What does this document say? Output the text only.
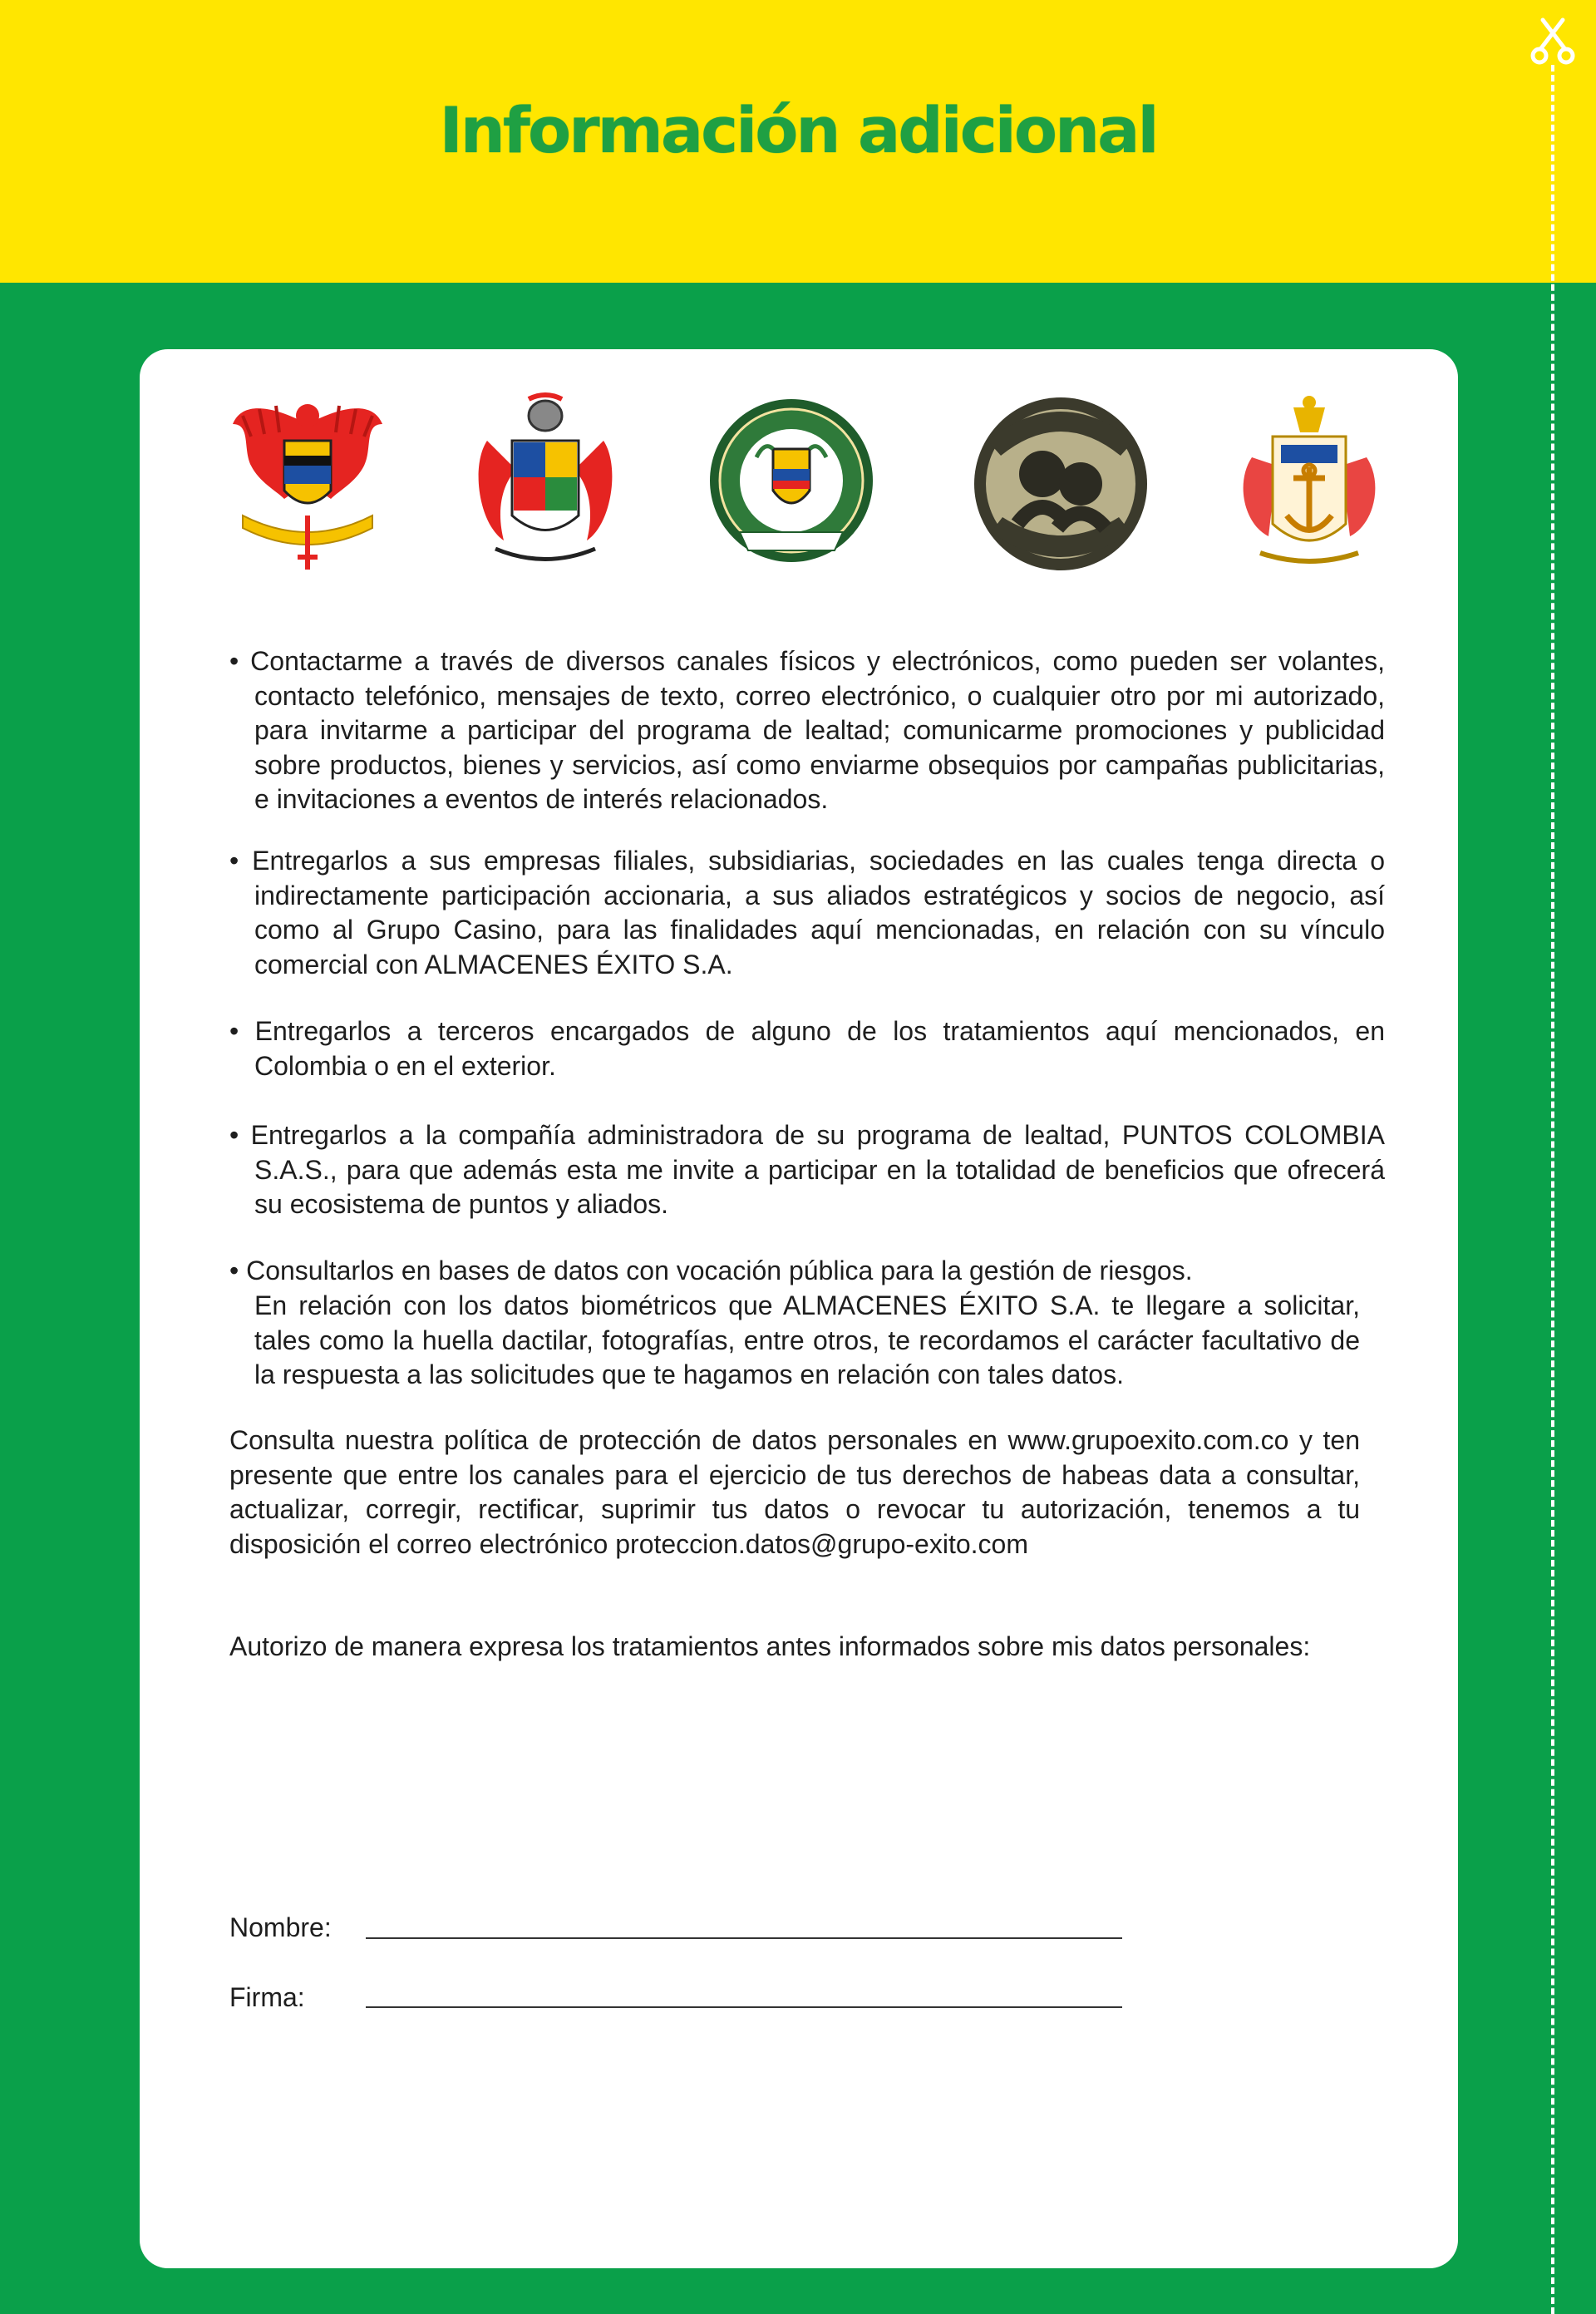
Información adicional
• Contactarme a través de diversos canales físicos y electrónicos, como pueden ser volantes, contacto telefónico, mensajes de texto, correo electrónico, o cualquier otro por mi autorizado, para invitarme a participar del programa de lealtad; comunicarme promociones y publicidad sobre productos, bienes y servicios, así como enviarme obsequios por campañas publicitarias, e invitaciones a eventos de interés relacionados.
• Entregarlos a sus empresas filiales, subsidiarias, sociedades en las cuales tenga directa o indirectamente participación accionaria, a sus aliados estratégicos y socios de negocio, así como al Grupo Casino, para las finalidades aquí mencionadas, en relación con su vínculo comercial con ALMACENES ÉXITO S.A.
• Entregarlos a terceros encargados de alguno de los tratamientos aquí mencionados, en Colombia o en el exterior.
• Entregarlos a la compañía administradora de su programa de lealtad, PUNTOS COLOMBIA S.A.S., para que además esta me invite a participar en la totalidad de beneficios que ofrecerá su ecosistema de puntos y aliados.
• Consultarlos en bases de datos con vocación pública para la gestión de riesgos.
En relación con los datos biométricos que ALMACENES ÉXITO S.A. te llegare a solicitar, tales como la huella dactilar, fotografías, entre otros, te recordamos el carácter facultativo de la respuesta a las solicitudes que te hagamos en relación con tales datos.
Consulta nuestra política de protección de datos personales en www.grupoexito.com.co y ten presente que entre los canales para el ejercicio de tus derechos de habeas data a consultar, actualizar, corregir, rectificar, suprimir tus datos o revocar tu autorización, tenemos a tu disposición el correo electrónico proteccion.datos@grupo-exito.com
Autorizo de manera expresa los tratamientos antes informados sobre mis datos personales:
Nombre:
Firma:
